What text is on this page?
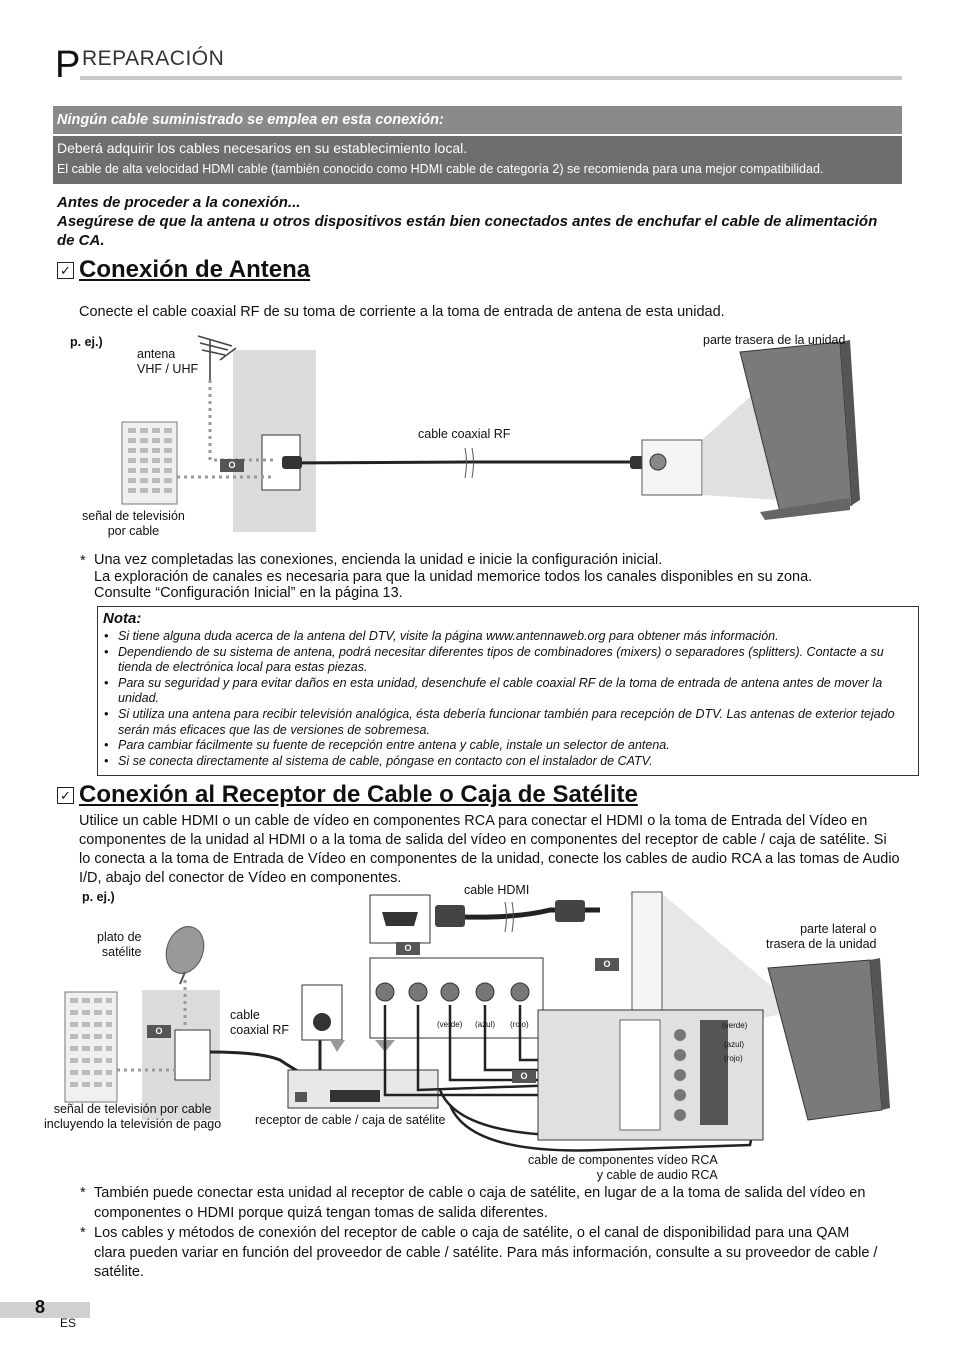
P REPARACIÓN
Ningún cable suministrado se emplea en esta conexión:
Deberá adquirir los cables necesarios en su establecimiento local.
El cable de alta velocidad HDMI cable (también conocido como HDMI cable de categoría 2) se recomienda para una mejor compatibilidad.
Antes de proceder a la conexión...
Asegúrese de que la antena u otros dispositivos están bien conectados antes de enchufar el cable de alimentación de CA.
✓ Conexión de Antena
Conecte el cable coaxial RF de su toma de corriente a la toma de entrada de antena de esta unidad.
p. ej.)
antena
VHF / UHF
parte trasera de la unidad
cable coaxial RF
señal de televisión
por cable
O
* Una vez completadas las conexiones, encienda la unidad e inicie la configuración inicial.
La exploración de canales es necesaria para que la unidad memorice todos los canales disponibles en su zona.
Consulte “Configuración Inicial” en la página 13.
Nota:
• Si tiene alguna duda acerca de la antena del DTV, visite la página www.antennaweb.org para obtener más información.
• Dependiendo de su sistema de antena, podrá necesitar diferentes tipos de combinadores (mixers) o separadores (splitters). Contacte a su tienda de electrónica local para estas piezas.
• Para su seguridad y para evitar daños en esta unidad, desenchufe el cable coaxial RF de la toma de entrada de antena antes de mover la unidad.
• Si utiliza una antena para recibir televisión analógica, ésta debería funcionar también para recepción de DTV. Las antenas de exterior tejado serán más eficaces que las de versiones de sobremesa.
• Para cambiar fácilmente su fuente de recepción entre antena y cable, instale un selector de antena.
• Si se conecta directamente al sistema de cable, póngase en contacto con el instalador de CATV.
✓ Conexión al Receptor de Cable o Caja de Satélite
Utilice un cable HDMI o un cable de vídeo en componentes RCA para conectar el HDMI o la toma de Entrada del Vídeo en componentes de la unidad al HDMI o a la toma de salida del vídeo en componentes del receptor de cable / caja de satélite. Si lo conecta a la toma de Entrada de Vídeo en componentes de la unidad, conecte los cables de audio RCA a las tomas de Audio I/D, abajo del conector de Vídeo en componentes.
p. ej.)	cable HDMI
parte lateral o
trasera de la unidad
plato de
satélite
cable
coaxial RF	(verde) (azul) (rojo)	(verde)
(azul)
(rojo)
señal de televisión por cable
incluyendo la televisión de pago	receptor de cable / caja de satélite
cable de componentes vídeo RCA
y cable de audio RCA
O
O
O
O
* También puede conectar esta unidad al receptor de cable o caja de satélite, en lugar de a la toma de salida del vídeo en componentes o HDMI porque quizá tengan tomas de salida diferentes.
* Los cables y métodos de conexión del receptor de cable o caja de satélite, o el canal de disponibilidad para una QAM clara pueden variar en función del proveedor de cable / satélite. Para más información, consulte a su proveedor de cable / satélite.
8
ES
